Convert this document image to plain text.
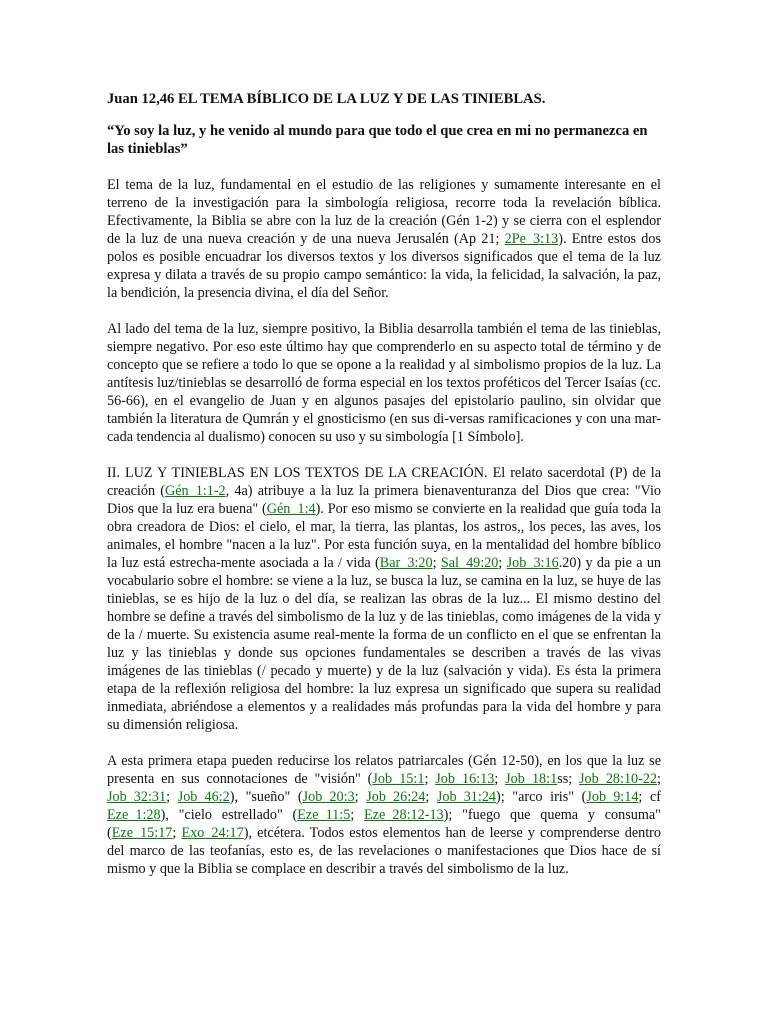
Juan 12,46 EL TEMA BÍBLICO DE LA LUZ Y DE LAS TINIEBLAS.
“Yo soy la luz, y he venido al mundo para que todo el que crea en mi no permanezca en las tinieblas”

El tema de la luz, fundamental en el estudio de las religiones y sumamente interesante en el terreno de la investigación para la simbología religiosa, recorre toda la revelación bíblica. Efectivamente, la Biblia se abre con la luz de la creación (Gén 1-2) y se cierra con el esplendor de la luz de una nueva creación y de una nueva Jerusalén (Ap 21; 2Pe_3:13). Entre estos dos polos es posible encuadrar los diversos textos y los diversos significados que el tema de la luz expresa y dilata a través de su propio campo semántico: la vida, la felicidad, la salvación, la paz, la bendición, la presencia divina, el día del Señor.

Al lado del tema de la luz, siempre positivo, la Biblia desarrolla también el tema de las tinieblas, siempre negativo. Por eso este último hay que comprenderlo en su aspecto total de término y de concepto que se refiere a todo lo que se opone a la realidad y al simbolismo propios de la luz. La antítesis luz/tinieblas se desarrolló de forma especial en los textos proféticos del Tercer Isaías (cc. 56-66), en el evangelio de Juan y en algunos pasajes del epistolario paulino, sin olvidar que también la literatura de Qumrán y el gnosticismo (en sus di-versas ramificaciones y con una mar-cada tendencia al dualismo) conocen su uso y su simbología [1 Símbolo].

II. LUZ Y TINIEBLAS EN LOS TEXTOS DE LA CREACIÓN. El relato sacerdotal (P) de la creación (Gén_1:1-2, 4a) atribuye a la luz la primera bienaventuranza del Dios que crea: "Vio Dios que la luz era buena" (Gén_1:4). Por eso mismo se convierte en la realidad que guía toda la obra creadora de Dios: el cielo, el mar, la tierra, las plantas, los astros,, los peces, las aves, los animales, el hombre "nacen a la luz". Por esta función suya, en la mentalidad del hombre bíblico la luz está estrecha-mente asociada a la / vida (Bar_3:20; Sal_49:20; Job_3:16.20) y da pie a un vocabulario sobre el hombre: se viene a la luz, se busca la luz, se camina en la luz, se huye de las tinieblas, se es hijo de la luz o del día, se realizan las obras de la luz... El mismo destino del hombre se define a través del simbolismo de la luz y de las tinieblas, como imágenes de la vida y de la / muerte. Su existencia asume real-mente la forma de un conflicto en el que se enfrentan la luz y las tinieblas y donde sus opciones fundamentales se describen a través de las vivas imágenes de las tinieblas (/ pecado y muerte) y de la luz (salvación y vida). Es ésta la primera etapa de la reflexión religiosa del hombre: la luz expresa un significado que supera su realidad inmediata, abriéndose a elementos y a realidades más profundas para la vida del hombre y para su dimensión religiosa.

A esta primera etapa pueden reducirse los relatos patriarcales (Gén 12-50), en los que la luz se presenta en sus connotaciones de "visión" (Job_15:1; Job_16:13; Job_18:1ss; Job_28:10-22; Job_32:31; Job_46:2), "sueño" (Job_20:3; Job_26:24; Job_31:24); "arco iris" (Job_9:14; cf Eze_1:28), "cielo estrellado" (Eze_11:5; Eze_28:12-13); "fuego que quema y consuma" (Eze_15:17; Exo_24:17), etcétera. Todos estos elementos han de leerse y comprenderse dentro del marco de las teofanías, esto es, de las revelaciones o manifestaciones que Dios hace de sí mismo y que la Biblia se complace en describir a través del simbolismo de la luz.
